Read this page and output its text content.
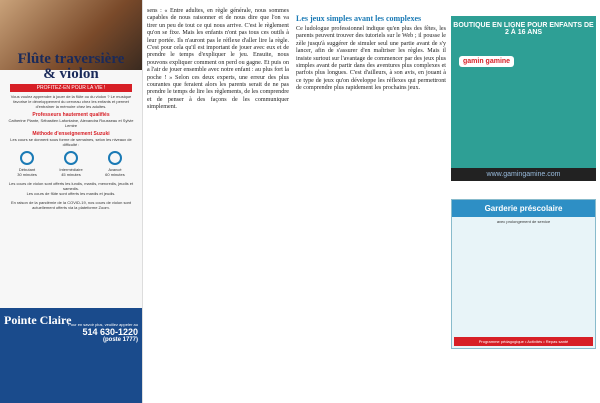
Flûte traversière
& violon
PROFITEZ-EN POUR LA VIE !
Vous voulez apprendre à jouer de la flûte ou du violon ? Le musique favorise le développement du cerveau chez les enfants et permet d'entraîner la mémoire chez les adultes.
Professeurs hautement qualifiés
Catherine Plante, Sébastien Lafontaine, Alexandra Rousseau et Sylvie Lemire
Méthode d'enseignement Suzuki
Les cours se donnent sous forme de semaines, selon les niveaux de difficulté :
Débutant
30 minutes
Intermédiaire
45 minutes
Avancé
60 minutes
Les cours de violon sont offerts les lundis, mardis, mercredis, jeudis et samedis.
Les cours de flûte sont offerts les mardis et jeudis.
En raison de la pandémie de la COVID-19, nos cours de violon sont actuellement offerts via la plateforme Zoom.
Pointe Claire
Pour en savoir plus, veuillez appeler au
514 630-1220
(poste 1777)
sens : « Entre adultes, en règle générale, nous sommes capables de nous raisonner et de nous dire que l'on va tirer un peu de tout ce qui nous arrive. C'est le règlement qu'on se fixe. Mais les enfants n'ont pas tous ces outils à leur portée. Ils n'auront pas le réflexe d'aller lire la règle. C'est pour cela qu'il est important de jouer avec eux et de prendre le temps d'expliquer le jeu. Ensuite, nous pouvons expliquer comment on perd ou gagne. Et puis on a l'air de jouer ensemble avec notre enfant : au plus fort la poche ! » Selon ces deux experts, une erreur des plus courantes que feraient alors les parents serait de ne pas prendre le temps de lire les règlements, de les comprendre et de penser à des façons de les communiquer simplement.
Les jeux simples avant les complexes
Ce ludologue professionnel indique qu'en plus des fêtes, les parents peuvent trouver des tutoriels sur le Web ; il pousse le zèle jusqu'à suggérer de simuler seul une partie avant de s'y lancer, afin de s'assurer d'en maîtriser les règles. Mais il insiste surtout sur l'avantage de commencer par des jeux plus simples avant de partir dans des aventures plus complexes et parfois plus longues. C'est d'ailleurs, à son avis, en jouant à ce type de jeux qu'on développe les réflexes qui permettront de comprendre plus rapidement les prochains jeux.
BOUTIQUE EN LIGNE POUR ENFANTS DE 2 À 16 ANS
gamin gamine
www.gamingamine.com
Garderie préscolaire
avec prolongement de service
Programme pédagogique • Activités • Repas santé
